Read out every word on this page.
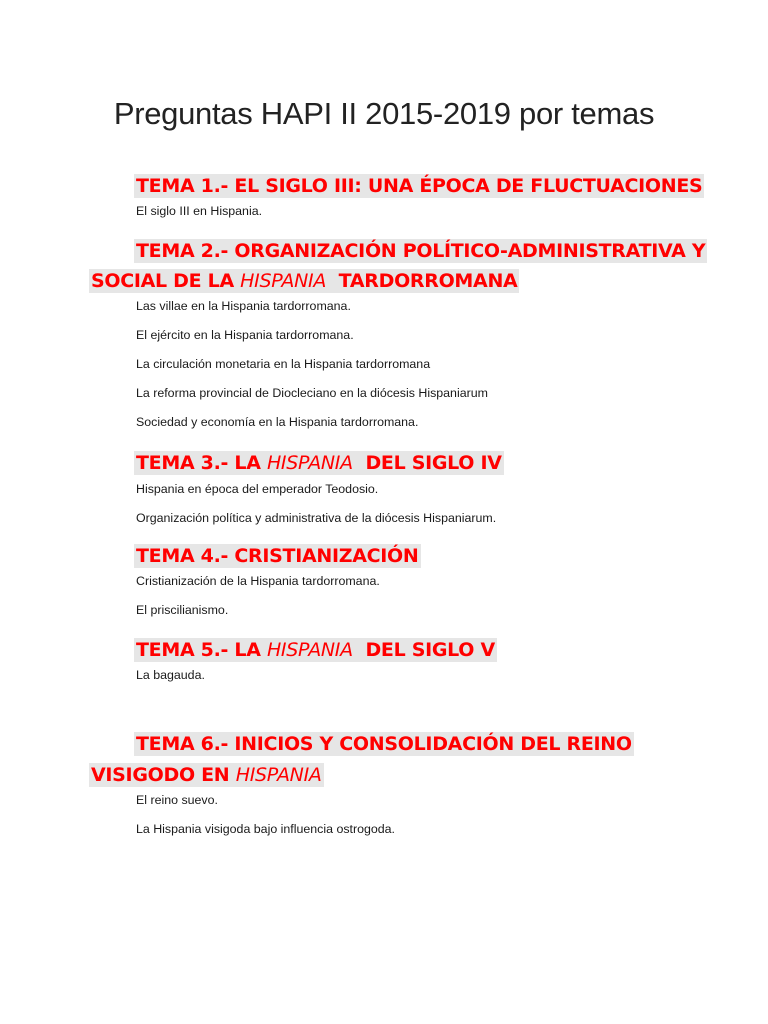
Preguntas HAPI II 2015-2019 por temas
TEMA 1.- EL SIGLO III: UNA ÉPOCA DE FLUCTUACIONES
El siglo III en Hispania.
TEMA 2.- ORGANIZACIÓN POLÍTICO-ADMINISTRATIVA Y
SOCIAL DE LA HISPANIA  TARDORROMANA
Las villae en la Hispania tardorromana.
El ejército en la Hispania tardorromana.
La circulación monetaria en la Hispania tardorromana
La reforma provincial de Diocleciano en la diócesis Hispaniarum
Sociedad y economía en la Hispania tardorromana.
TEMA 3.- LA HISPANIA  DEL SIGLO IV
Hispania en época del emperador Teodosio.
Organización política y administrativa de la diócesis Hispaniarum.
TEMA 4.- CRISTIANIZACIÓN
Cristianización de la Hispania tardorromana.
El priscilianismo.
TEMA 5.- LA HISPANIA  DEL SIGLO V
La bagauda.
TEMA 6.- INICIOS Y CONSOLIDACIÓN DEL REINO
VISIGODO EN HISPANIA
El reino suevo.
La Hispania visigoda bajo influencia ostrogoda.
